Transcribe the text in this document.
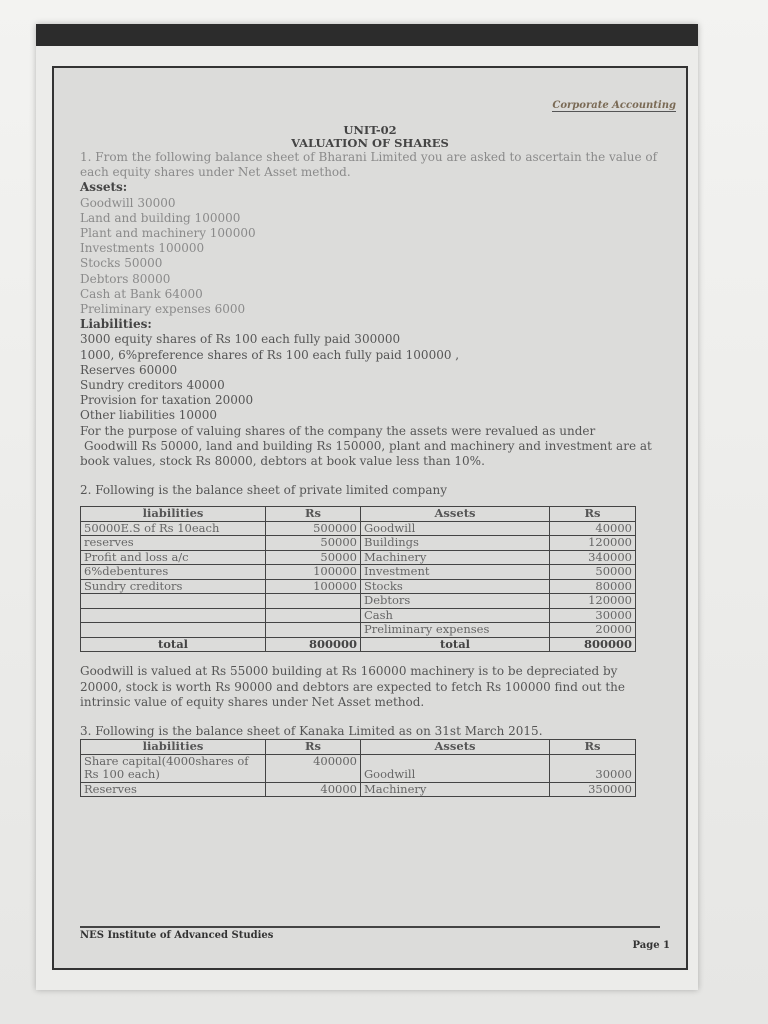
Corporate Accounting
UNIT-02
VALUATION OF SHARES

1. From the following balance sheet of Bharani Limited you are asked to ascertain the value of each equity shares under Net Asset method.

Assets:

Goodwill 30000

Land and building 100000

Plant and machinery 100000

Investments 100000

Stocks 50000

Debtors 80000

Cash at Bank 64000

Preliminary expenses 6000

Liabilities:

3000 equity shares of Rs 100 each fully paid 300000

1000, 6%preference shares of Rs 100 each fully paid 100000 ,

Reserves 60000

Sundry creditors 40000

Provision for taxation 20000

Other liabilities 10000

For the purpose of valuing shares of the company the assets were revalued as under

Goodwill Rs 50000, land and building Rs 150000, plant and machinery and investment are at book values, stock Rs 80000, debtors at book value less than 10%.

2. Following is the balance sheet of private limited company

liabilities	Rs	Assets	Rs
50000E.S of Rs 10each	500000	Goodwill	40000
reserves	50000	Buildings	120000
Profit and loss a/c	50000	Machinery	340000
6%debentures	100000	Investment	50000
Sundry creditors	100000	Stocks	80000
		Debtors	120000
		Cash	30000
		Preliminary expenses	20000
total	800000	total	800000

Goodwill is valued at Rs 55000 building at Rs 160000 machinery is to be depreciated by 20000, stock is worth Rs 90000 and debtors are expected to fetch Rs 100000 find out the intrinsic value of equity shares under Net Asset method.

3. Following is the balance sheet of Kanaka Limited as on 31st March 2015.

liabilities	Rs	Assets	Rs
Share capital(4000shares of Rs 100 each)	400000	Goodwill	30000
Reserves	40000	Machinery	350000
NES Institute of Advanced Studies
Page 1
